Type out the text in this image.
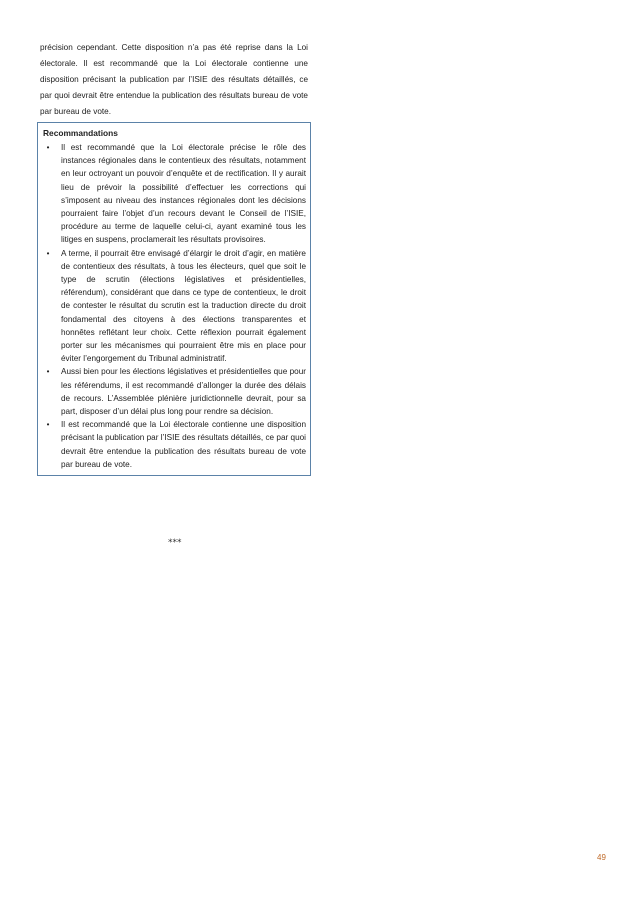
précision cependant. Cette disposition n’a pas été reprise dans la Loi électorale. Il est recommandé que la Loi électorale contienne une disposition précisant la publication par l’ISIE des résultats détaillés, ce par quoi devrait être entendue la publication des résultats bureau de vote par bureau de vote.

Recommandations
•	Il est recommandé que la Loi électorale précise le rôle des instances régionales dans le contentieux des résultats, notamment en leur octroyant un pouvoir d’enquête et de rectification. Il y aurait lieu de prévoir la possibilité d’effectuer les corrections qui s’imposent au niveau des instances régionales dont les décisions pourraient faire l’objet d’un recours devant le Conseil de l’ISIE, procédure au terme de laquelle celui-ci, ayant examiné tous les litiges en suspens, proclamerait les résultats provisoires.
•	A terme, il pourrait être envisagé d’élargir le droit d’agir, en matière de contentieux des résultats, à tous les électeurs, quel que soit le type de scrutin (élections législatives et présidentielles, référendum), considérant que dans ce type de contentieux, le droit de contester le résultat du scrutin est la traduction directe du droit fondamental des citoyens à des élections transparentes et honnêtes reflétant leur choix. Cette réflexion pourrait également porter sur les mécanismes qui pourraient être mis en place pour éviter l’engorgement du Tribunal administratif.
•	Aussi bien pour les élections législatives et présidentielles que pour les référendums, il est recommandé d’allonger la durée des délais de recours. L’Assemblée plénière juridictionnelle devrait, pour sa part, disposer d’un délai plus long pour rendre sa décision.
•	Il est recommandé que la Loi électorale contienne une disposition précisant la publication par l’ISIE des résultats détaillés, ce par quoi devrait être entendue la publication des résultats bureau de vote par bureau de vote.
***
49
